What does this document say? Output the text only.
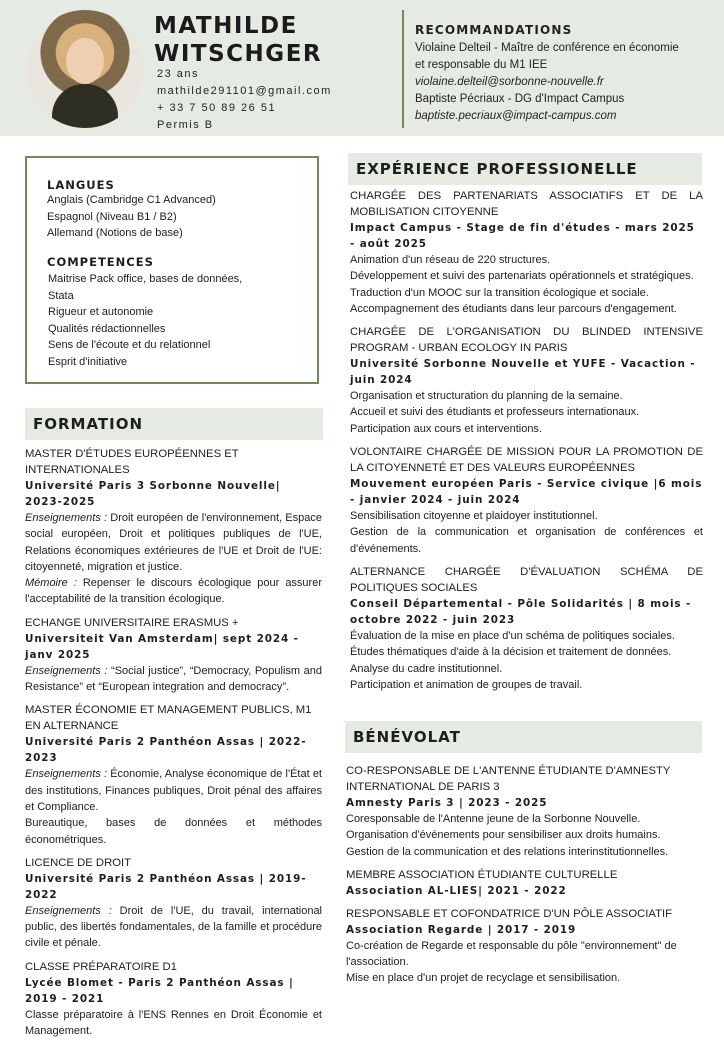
MATHILDE WITSCHGER
23 ans
mathilde291101@gmail.com
+ 33 7 50 89 26 51
Permis B
RECOMMANDATIONS
Violaine Delteil - Maître de conférence en économie
et responsable du M1 IEE
violaine.delteil@sorbonne-nouvelle.fr
Baptiste Pécriaux - DG d'Impact Campus
baptiste.pecriaux@impact-campus.com
LANGUES
Anglais (Cambridge C1 Advanced)
Espagnol (Niveau B1 / B2)
Allemand (Notions de base)
COMPETENCES
Maitrise Pack office, bases de données,
Stata
Rigueur et autonomie
Qualités rédactionnelles
Sens de l'écoute et du relationnel
Esprit d'initiative
FORMATION
MASTER D'ÉTUDES EUROPÉENNES ET INTERNATIONALES
Université Paris 3 Sorbonne Nouvelle| 2023-2025
Enseignements : Droit européen de l'environnement, Espace social européen, Droit et politiques publiques de l'UE, Relations économiques extérieures de l'UE et Droit de l'UE: citoyenneté, migration et justice.
Mémoire : Repenser le discours écologique pour assurer l'acceptabilité de la transition écologique.
ECHANGE UNIVERSITAIRE ERASMUS +
Universiteit Van Amsterdam| sept 2024 - janv 2025
Enseignements : “Social justice”, “Democracy, Populism and Resistance” et “European integration and democracy”.
MASTER ÉCONOMIE ET MANAGEMENT PUBLICS, M1 EN ALTERNANCE
Université Paris 2 Panthéon Assas | 2022-2023
Enseignements : Économie, Analyse économique de l'État et des institutions, Finances publiques, Droit pénal des affaires et Compliance.
Bureautique, bases de données et méthodes économétriques.
LICENCE DE DROIT
Université Paris 2 Panthéon Assas | 2019-2022
Enseignements : Droit de l'UE, du travail, international public, des libertés fondamentales, de la famille et procédure civile et pénale.
CLASSE PRÉPARATOIRE D1
Lycée Blomet - Paris 2 Panthéon Assas | 2019 - 2021
Classe préparatoire à l'ENS Rennes en Droit Économie et Management.
EXPÉRIENCE PROFESSIONELLE
CHARGÉE DES PARTENARIATS ASSOCIATIFS ET DE LA MOBILISATION CITOYENNE
Impact Campus - Stage de fin d'études - mars 2025 - août 2025
Animation d'un réseau de 220 structures.
Développement et suivi des partenariats opérationnels et stratégiques.
Traduction d'un MOOC sur la transition écologique et sociale.
Accompagnement des étudiants dans leur parcours d'engagement.
CHARGÉE DE L'ORGANISATION DU BLINDED INTENSIVE PROGRAM - URBAN ECOLOGY IN PARIS
Université Sorbonne Nouvelle et YUFE - Vacaction - juin 2024
Organisation et structuration du planning de la semaine.
Accueil et suivi des étudiants et professeurs internationaux.
Participation aux cours et interventions.
VOLONTAIRE CHARGÉE DE MISSION POUR LA PROMOTION DE LA CITOYENNETÉ ET DES VALEURS EUROPÉENNES
Mouvement européen Paris - Service civique |6 mois - janvier 2024 - juin 2024
Sensibilisation citoyenne et plaidoyer institutionnel.
Gestion de la communication et organisation de conférences et d'événements.
ALTERNANCE CHARGÉE D'ÉVALUATION SCHÉMA DE POLITIQUES SOCIALES
Conseil Départemental - Pôle Solidarités | 8 mois - octobre 2022 - juin 2023
Évaluation de la mise en place d'un schéma de politiques sociales.
Études thématiques d'aide à la décision et traitement de données.
Analyse du cadre institutionnel.
Participation et animation de groupes de travail.
BÉNÉVOLAT
CO-RESPONSABLE DE L'ANTENNE ÉTUDIANTE D'AMNESTY INTERNATIONAL DE PARIS 3
Amnesty Paris 3 | 2023 - 2025
Coresponsable de l'Antenne jeune de la Sorbonne Nouvelle.
Organisation d'événements pour sensibiliser aux droits humains.
Gestion de la communication et des relations interinstitutionnelles.
MEMBRE ASSOCIATION ÉTUDIANTE CULTURELLE
Association AL-LIES| 2021 - 2022
RESPONSABLE ET COFONDATRICE D'UN PÔLE ASSOCIATIF
Association Regarde | 2017 - 2019
Co-création de Regarde et responsable du pôle "environnement" de l'association.
Mise en place d'un projet de recyclage et sensibilisation.
